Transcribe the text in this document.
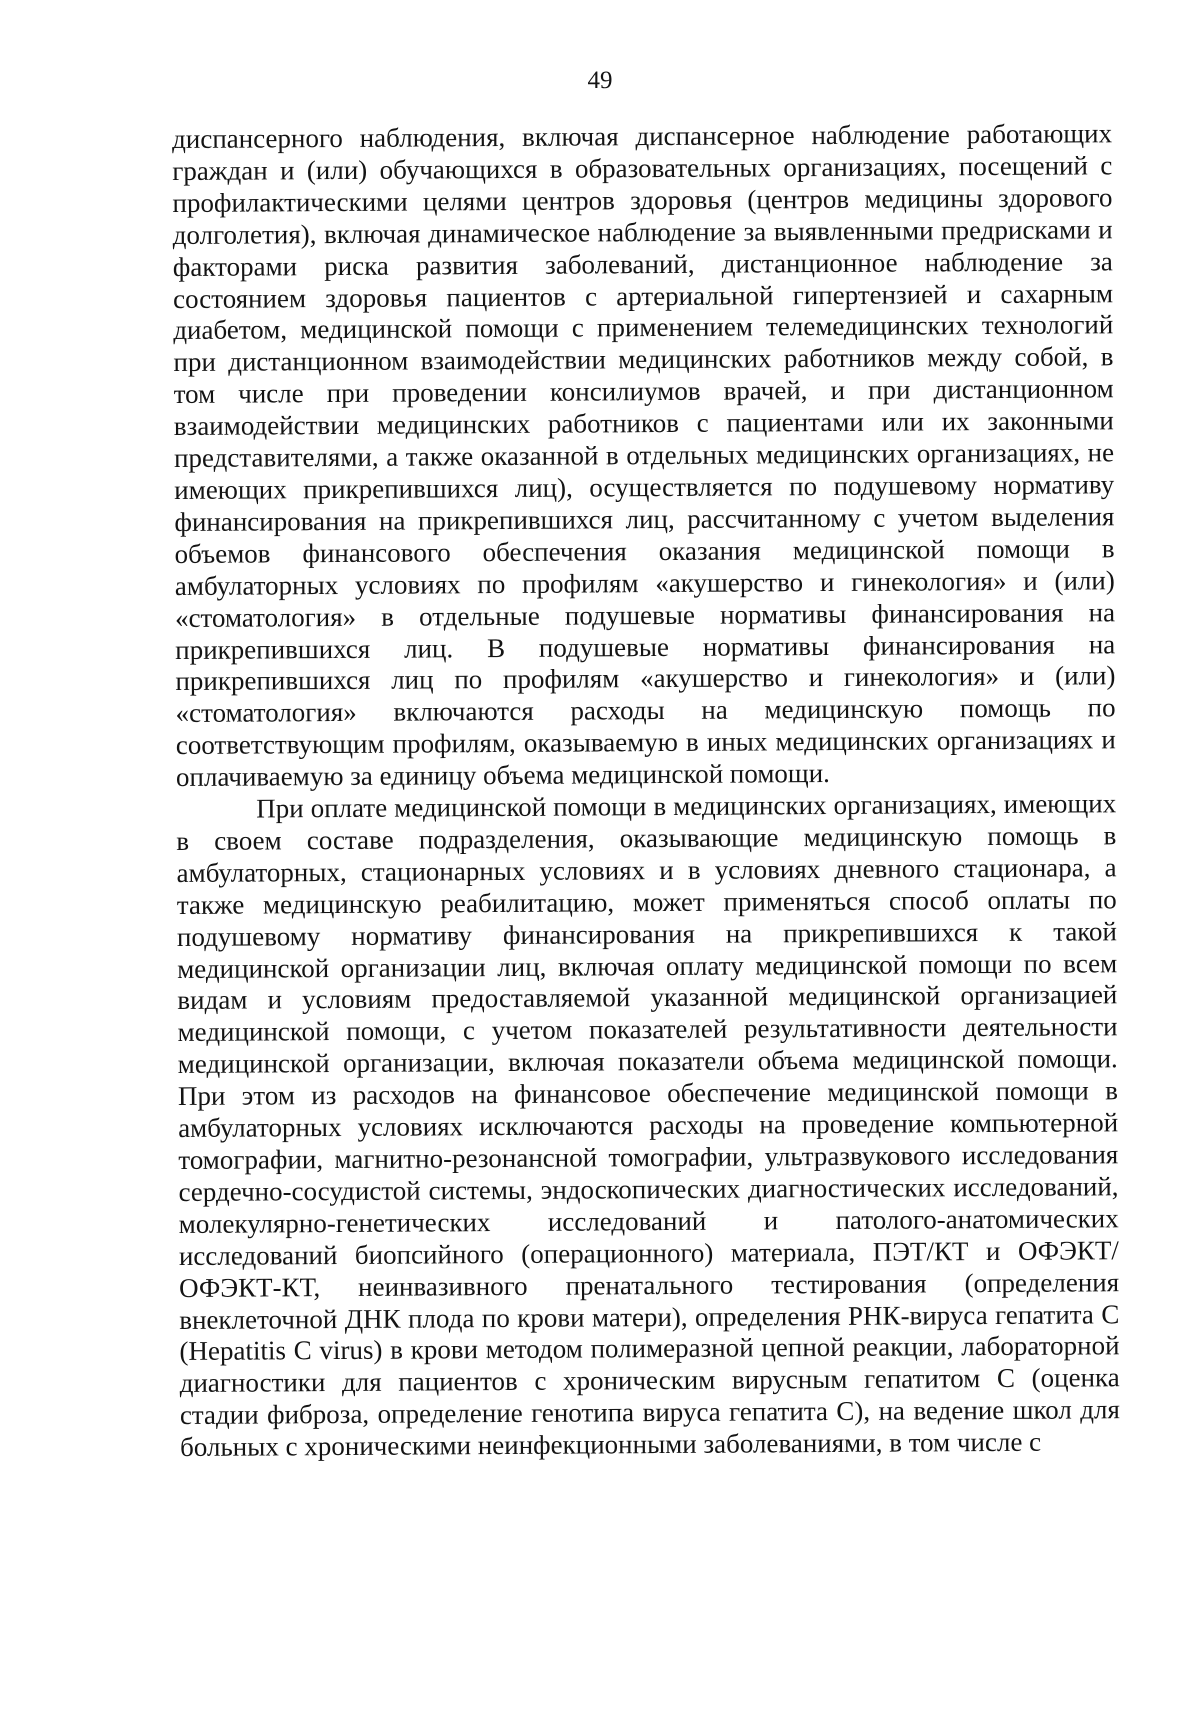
49

диспансерного наблюдения, включая диспансерное наблюдение работающих граждан и (или) обучающихся в образовательных организациях, посещений с профилактическими целями центров здоровья (центров медицины здорового долголетия), включая динамическое наблюдение за выявленными предрисками и факторами риска развития заболеваний, дистанционное наблюдение за состоянием здоровья пациентов с артериальной гипертензией и сахарным диабетом, медицинской помощи с применением телемедицинских технологий при дистанционном взаимодействии медицинских работников между собой, в том числе при проведении консилиумов врачей, и при дистанционном взаимодействии медицинских работников с пациентами или их законными представителями, а также оказанной в отдельных медицинских организациях, не имеющих прикрепившихся лиц), осуществляется по подушевому нормативу финансирования на прикрепившихся лиц, рассчитанному с учетом выделения объемов финансового обеспечения оказания медицинской помощи в амбулаторных условиях по профилям «акушерство и гинекология» и (или) «стоматология» в отдельные подушевые нормативы финансирования на прикрепившихся лиц. В подушевые нормативы финансирования на прикрепившихся лиц по профилям «акушерство и гинекология» и (или) «стоматология» включаются расходы на медицинскую помощь по соответствующим профилям, оказываемую в иных медицинских организациях и оплачиваемую за единицу объема медицинской помощи.

При оплате медицинской помощи в медицинских организациях, имеющих в своем составе подразделения, оказывающие медицинскую помощь в амбулаторных, стационарных условиях и в условиях дневного стационара, а также медицинскую реабилитацию, может применяться способ оплаты по подушевому нормативу финансирования на прикрепившихся к такой медицинской организации лиц, включая оплату медицинской помощи по всем видам и условиям предоставляемой указанной медицинской организацией медицинской помощи, с учетом показателей результативности деятельности медицинской организации, включая показатели объема медицинской помощи. При этом из расходов на финансовое обеспечение медицинской помощи в амбулаторных условиях исключаются расходы на проведение компьютерной томографии, магнитно-резонансной томографии, ультразвукового исследования сердечно-сосудистой системы, эндоскопических диагностических исследований, молекулярно-генетических исследований и патолого-анатомических исследований биопсийного (операционного) материала, ПЭТ/КТ и ОФЭКТ/ОФЭКТ-КТ, неинвазивного пренатального тестирования (определения внеклеточной ДНК плода по крови матери), определения РНК-вируса гепатита С (Hepatitis C virus) в крови методом полимеразной цепной реакции, лабораторной диагностики для пациентов с хроническим вирусным гепатитом С (оценка стадии фиброза, определение генотипа вируса гепатита С), на ведение школ для больных с хроническими неинфекционными заболеваниями, в том числе с
